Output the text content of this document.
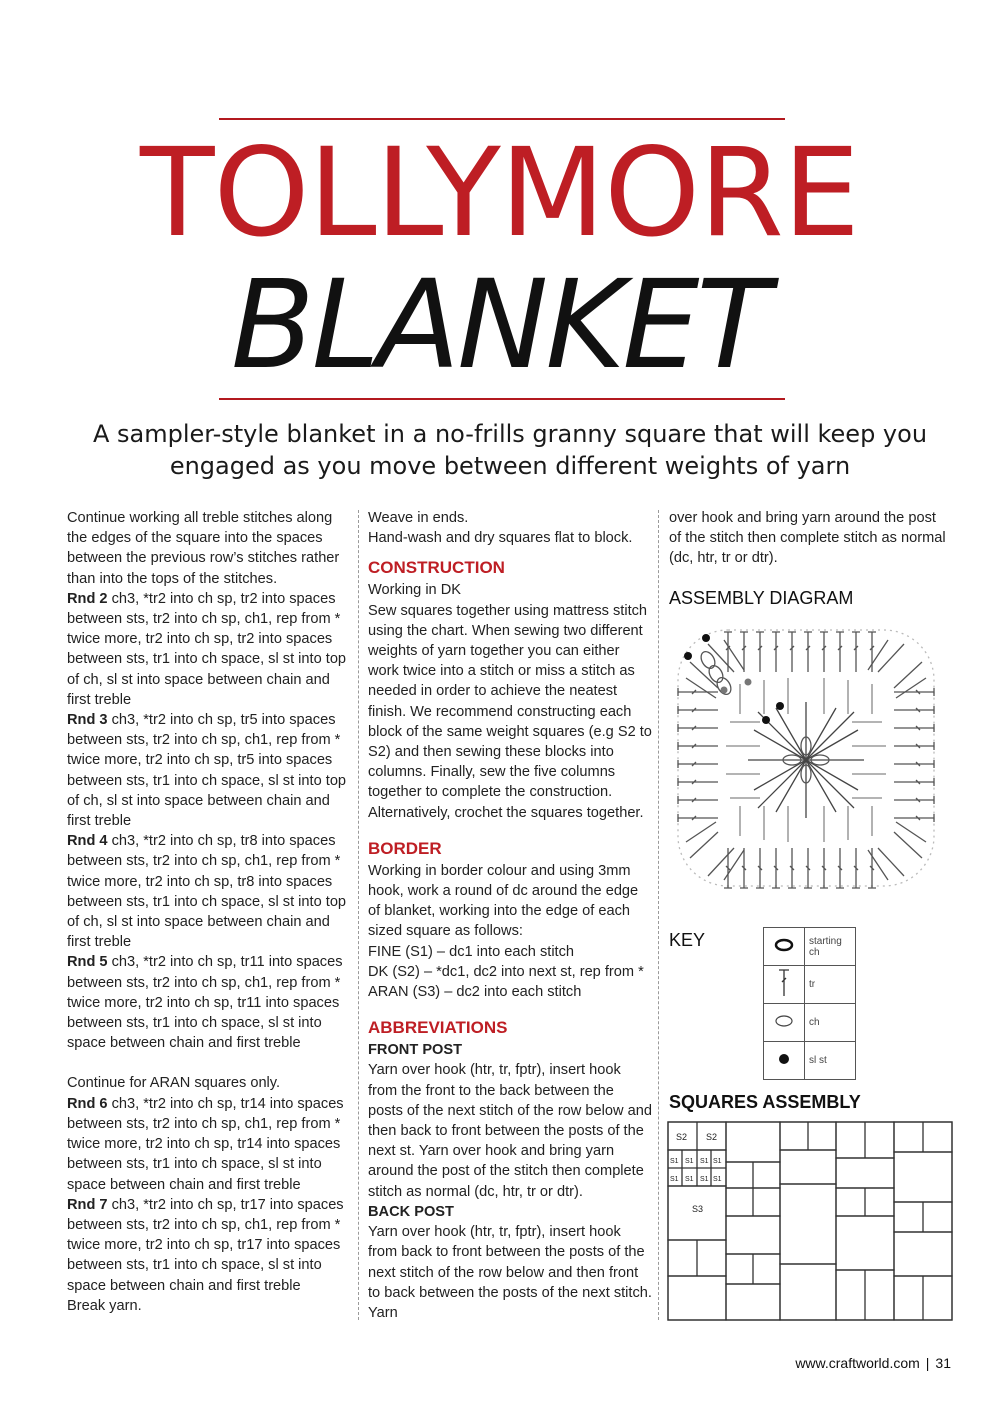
TOLLYMORE
BLANKET
A sampler-style blanket in a no-frills granny square that will keep you engaged as you move between different weights of yarn

Continue working all treble stitches along the edges of the square into the spaces between the previous row’s stitches rather than into the tops of the stitches.

Rnd 2 ch3, *tr2 into ch sp, tr2 into spaces between sts, tr2 into ch sp, ch1, rep from * twice more, tr2 into ch sp, tr2 into spaces between sts, tr1 into ch space, sl st into top of ch, sl st into space between chain and first treble

Rnd 3 ch3, *tr2 into ch sp, tr5 into spaces between sts, tr2 into ch sp, ch1, rep from * twice more, tr2 into ch sp, tr5 into spaces between sts, tr1 into ch space, sl st into top of ch, sl st into space between chain and first treble

Rnd 4 ch3, *tr2 into ch sp, tr8 into spaces between sts, tr2 into ch sp, ch1, rep from * twice more, tr2 into ch sp, tr8 into spaces between sts, tr1 into ch space, sl st into top of ch, sl st into space between chain and first treble

Rnd 5 ch3, *tr2 into ch sp, tr11 into spaces between sts, tr2 into ch sp, ch1, rep from * twice more, tr2 into ch sp, tr11 into spaces between sts, tr1 into ch space, sl st into space between chain and first treble

Continue for ARAN squares only.

Rnd 6 ch3, *tr2 into ch sp, tr14 into spaces between sts, tr2 into ch sp, ch1, rep from * twice more, tr2 into ch sp, tr14 into spaces between sts, tr1 into ch space, sl st into space between chain and first treble

Rnd 7 ch3, *tr2 into ch sp, tr17 into spaces between sts, tr2 into ch sp, ch1, rep from * twice more, tr2 into ch sp, tr17 into spaces between sts, tr1 into ch space, sl st into space between chain and first treble

Break yarn.

Weave in ends.

Hand-wash and dry squares flat to block.

CONSTRUCTION

Working in DK

Sew squares together using mattress stitch using the chart. When sewing two different weights of yarn together you can either work twice into a stitch or miss a stitch as needed in order to achieve the neatest finish. We recommend constructing each block of the same weight squares (e.g S2 to S2) and then sewing these blocks into columns. Finally, sew the five columns together to complete the construction. Alternatively, crochet the squares together.

BORDER

Working in border colour and using 3mm hook, work a round of dc around the edge of blanket, working into the edge of each sized square as follows:

FINE (S1) – dc1 into each stitch

DK (S2) – *dc1, dc2 into next st, rep from *

ARAN (S3) – dc2 into each stitch

ABBREVIATIONS

FRONT POST

Yarn over hook (htr, tr, fptr), insert hook from the front to the back between the posts of the next stitch of the row below and then back to front between the posts of the next st. Yarn over hook and bring yarn around the post of the stitch then complete stitch as normal (dc, htr, tr or dtr).

BACK POST

Yarn over hook (htr, tr, fptr), insert hook from back to front between the posts of the next stitch of the row below and then front to back between the posts of the next stitch. Yarn

over hook and bring yarn around the post of the stitch then complete stitch as normal (dc, htr, tr or dtr).

ASSEMBLY DIAGRAM
KEY
		starting
ch
	tr
	ch
	sl st
SQUARES ASSEMBLY
S2 S2
S1 S1 S1 S1
S1 S1 S1 S1
S3
www.craftworld.com | 31
